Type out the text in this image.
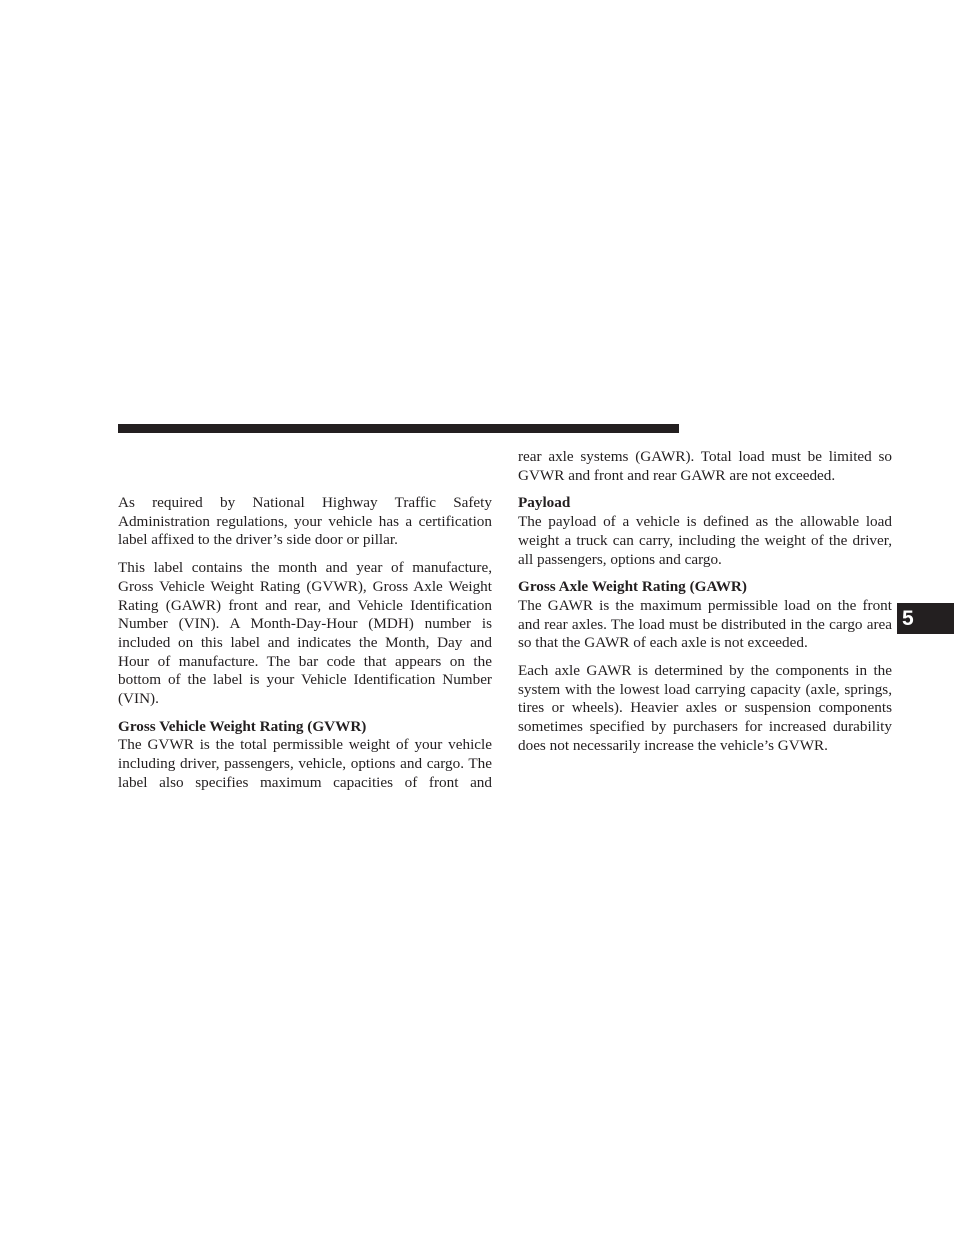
As required by National Highway Traffic Safety Administration regulations, your vehicle has a certification label affixed to the driver’s side door or pillar.

This label contains the month and year of manufacture, Gross Vehicle Weight Rating (GVWR), Gross Axle Weight Rating (GAWR) front and rear, and Vehicle Identification Number (VIN). A Month-Day-Hour (MDH) number is included on this label and indicates the Month, Day and Hour of manufacture. The bar code that appears on the bottom of the label is your Vehicle Identification Number (VIN).

Gross Vehicle Weight Rating (GVWR)

The GVWR is the total permissible weight of your vehicle including driver, passengers, vehicle, options and cargo. The label also specifies maximum capacities of front and

rear axle systems (GAWR). Total load must be limited so GVWR and front and rear GAWR are not exceeded.

Payload

The payload of a vehicle is defined as the allowable load weight a truck can carry, including the weight of the driver, all passengers, options and cargo.

Gross Axle Weight Rating (GAWR)

The GAWR is the maximum permissible load on the front and rear axles. The load must be distributed in the cargo area so that the GAWR of each axle is not exceeded.

Each axle GAWR is determined by the components in the system with the lowest load carrying capacity (axle, springs, tires or wheels). Heavier axles or suspension components sometimes specified by purchasers for increased durability does not necessarily increase the vehicle’s GVWR.

5
